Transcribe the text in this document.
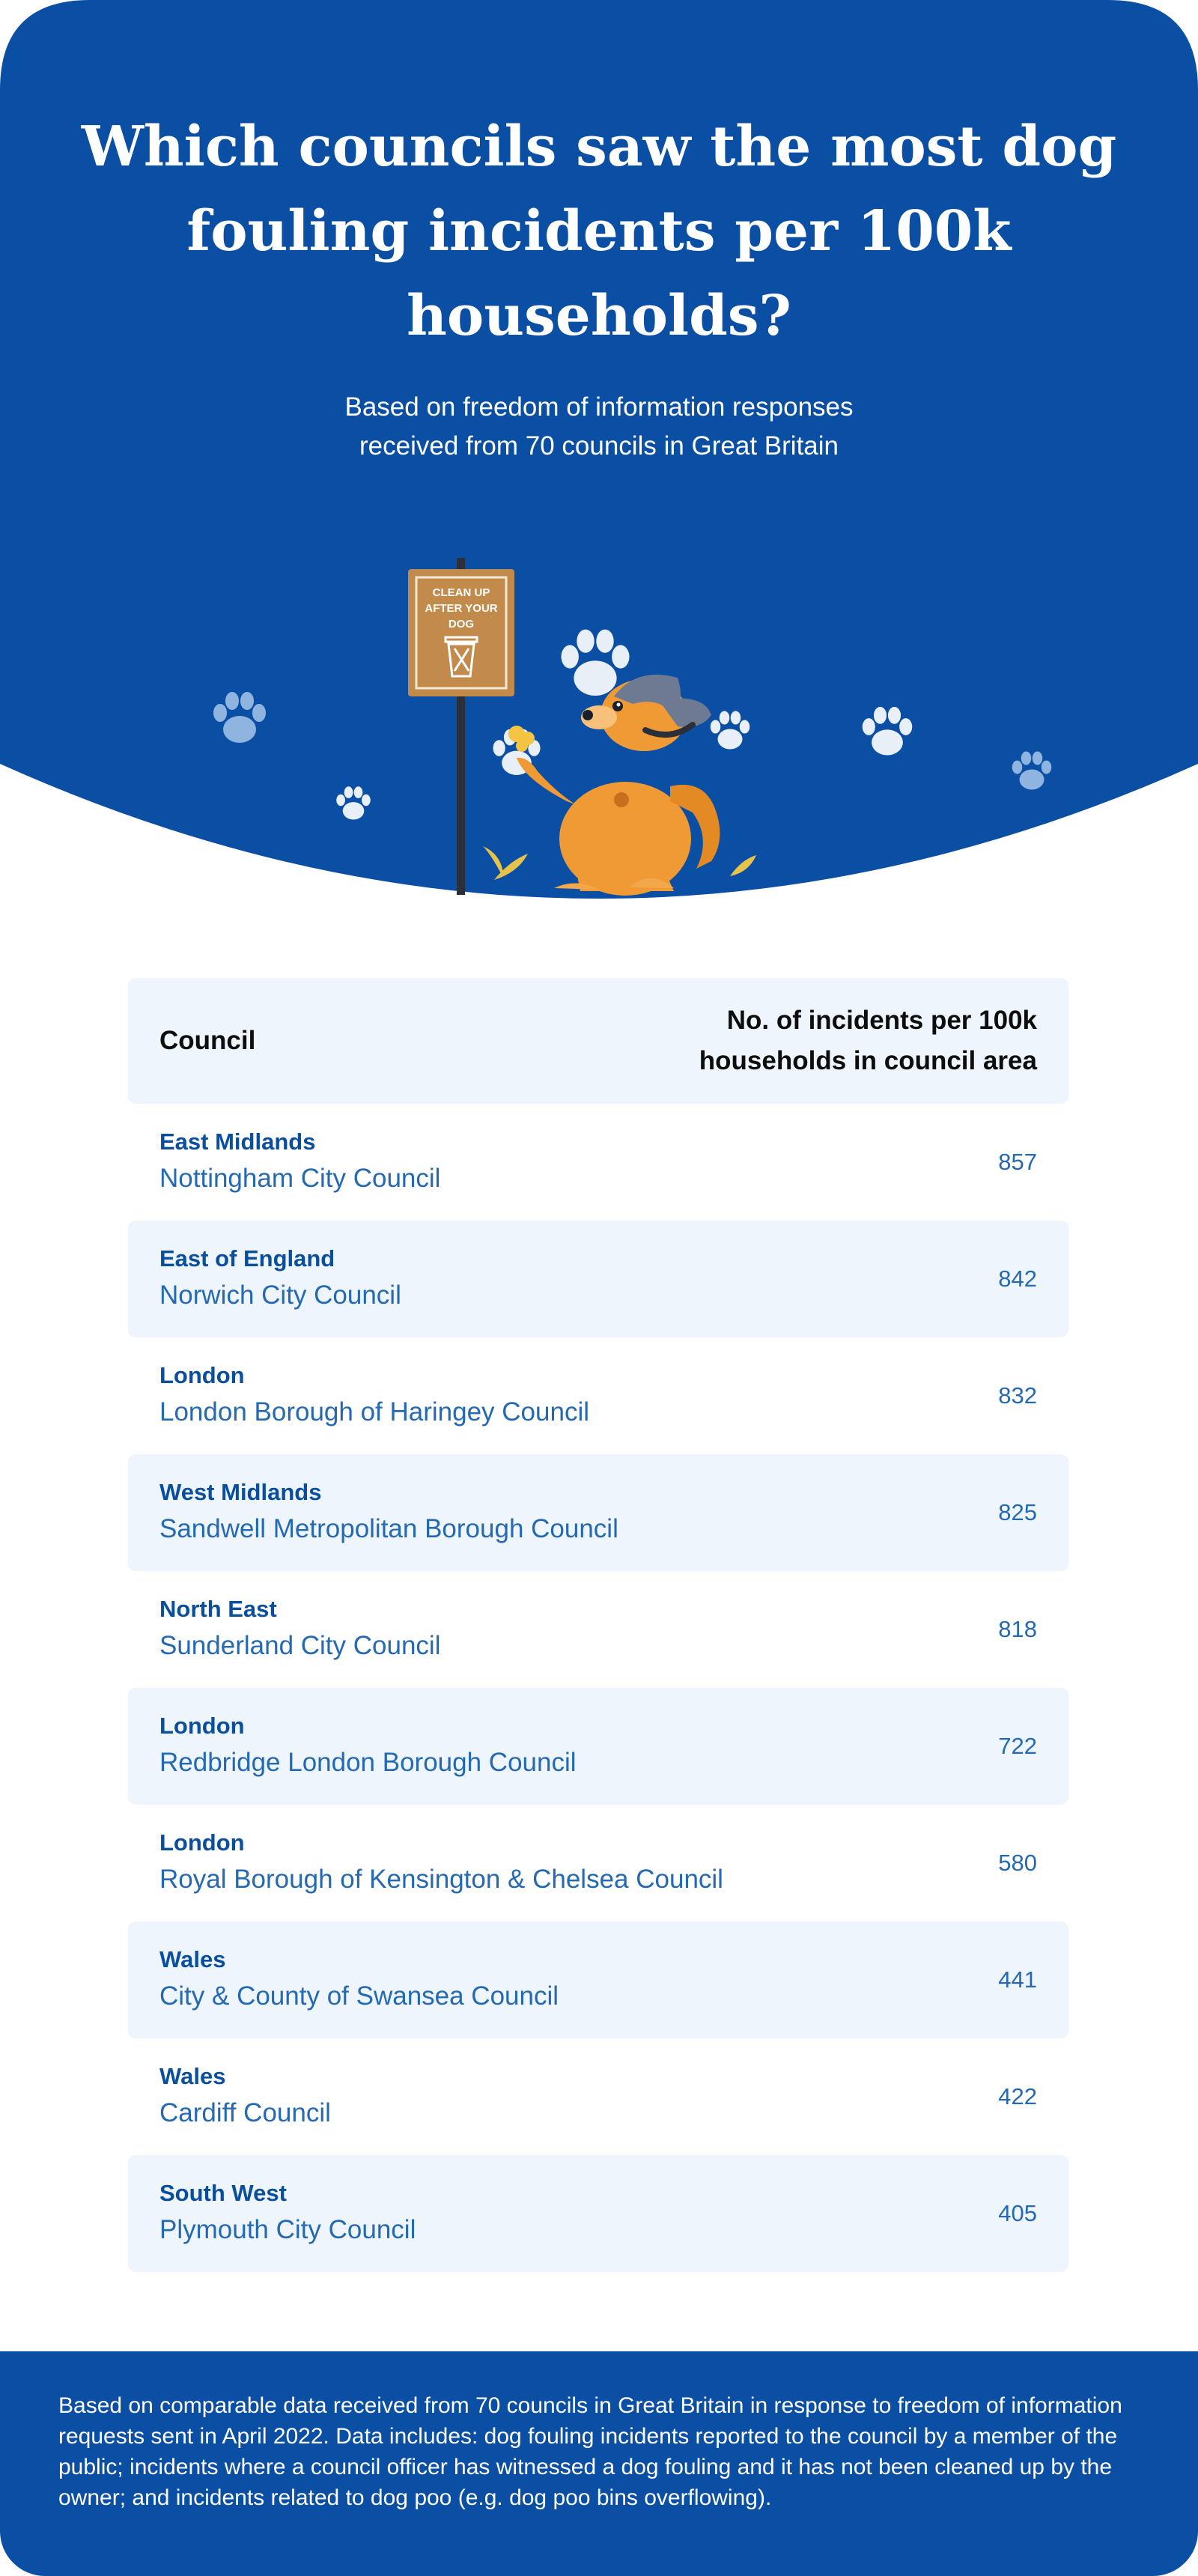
Which councils saw the most dog fouling incidents per 100k households?

Based on freedom of information responses received from 70 councils in Great Britain

CLEAN UP
AFTER YOUR
DOG
Council
No. of incidents per 100k households in council area
East Midlands
Nottingham City Council
857
East of England
Norwich City Council
842
London
London Borough of Haringey Council
832
West Midlands
Sandwell Metropolitan Borough Council
825
North East
Sunderland City Council
818
London
Redbridge London Borough Council
722
London
Royal Borough of Kensington & Chelsea Council
580
Wales
City & County of Swansea Council
441
Wales
Cardiff Council
422
South West
Plymouth City Council
405

Based on comparable data received from 70 councils in Great Britain in response to freedom of information requests sent in April 2022. Data includes: dog fouling incidents reported to the council by a member of the public; incidents where a council officer has witnessed a dog fouling and it has not been cleaned up by the owner; and incidents related to dog poo (e.g. dog poo bins overflowing).
